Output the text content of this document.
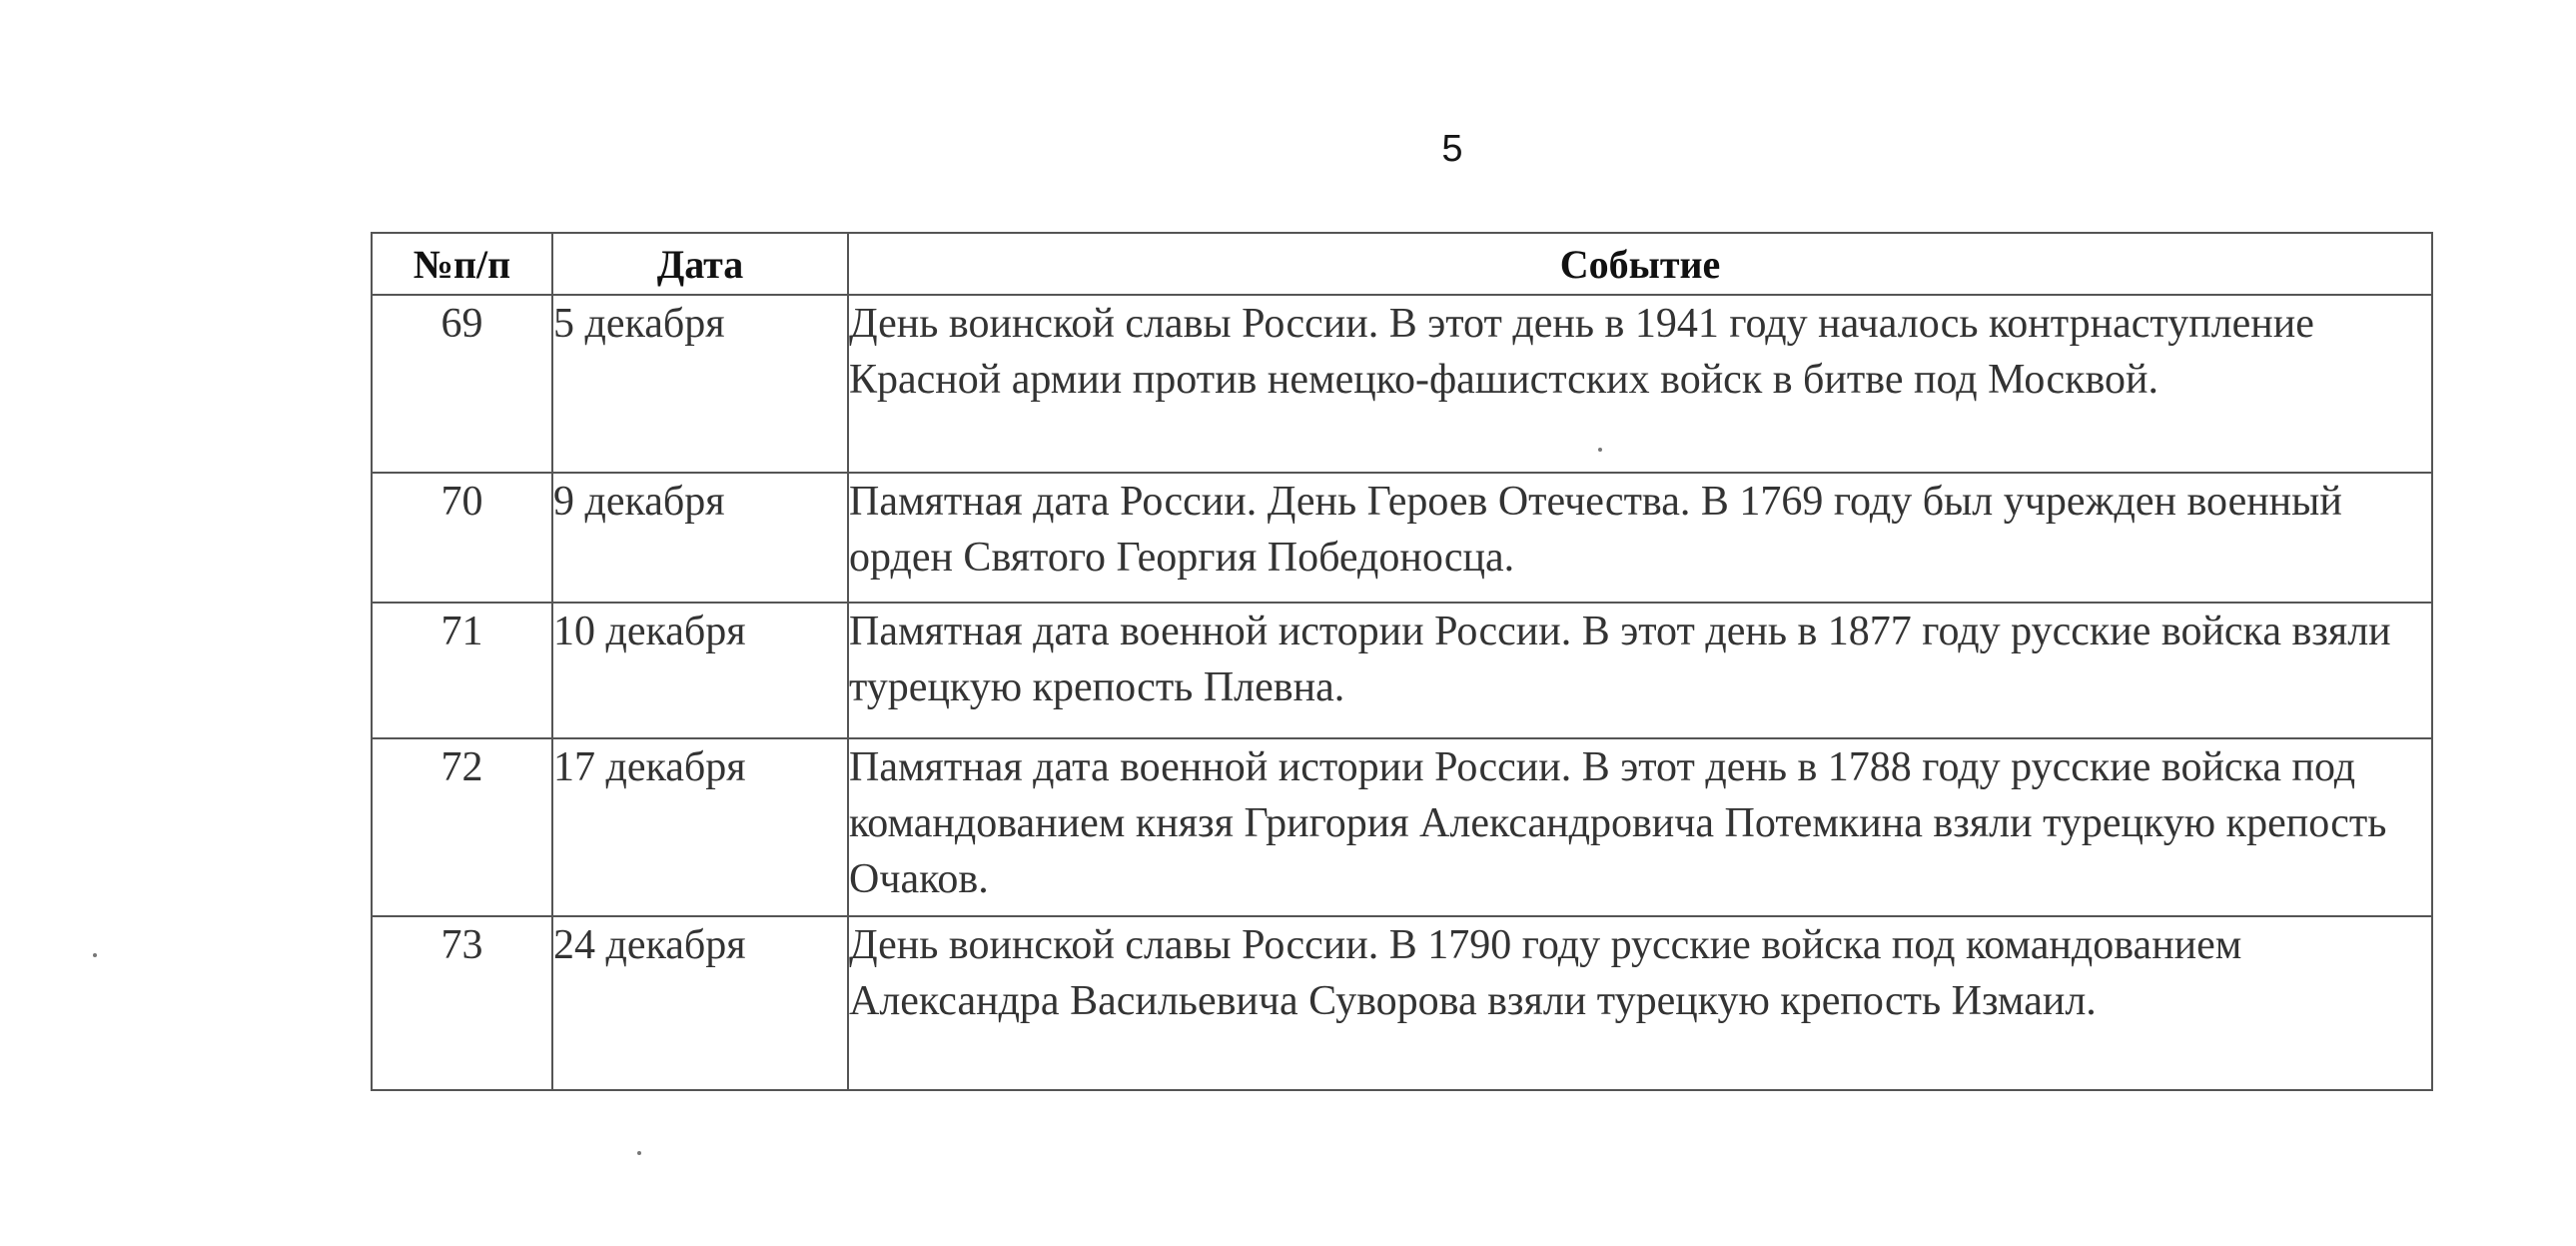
5
№п/п	Дата	Событие
69	5 декабря	День воинской славы России. В этот день в 1941 году началось контрнаступление Красной армии против немецко-фашистских войск в битве под Москвой.
70	9 декабря	Памятная дата России. День Героев Отечества. В 1769 году был учрежден военный орден Святого Георгия Победоносца.
71	10 декабря	Памятная дата военной истории России. В этот день в 1877 году русские войска взяли турецкую крепость Плевна.
72	17 декабря	Памятная дата военной истории России. В этот день в 1788 году русские войска под командованием князя Григория Александровича Потемкина взяли турецкую крепость Очаков.
73	24 декабря	День воинской славы России. В 1790 году русские войска под командованием Александра Васильевича Суворова взяли турецкую крепость Измаил.
